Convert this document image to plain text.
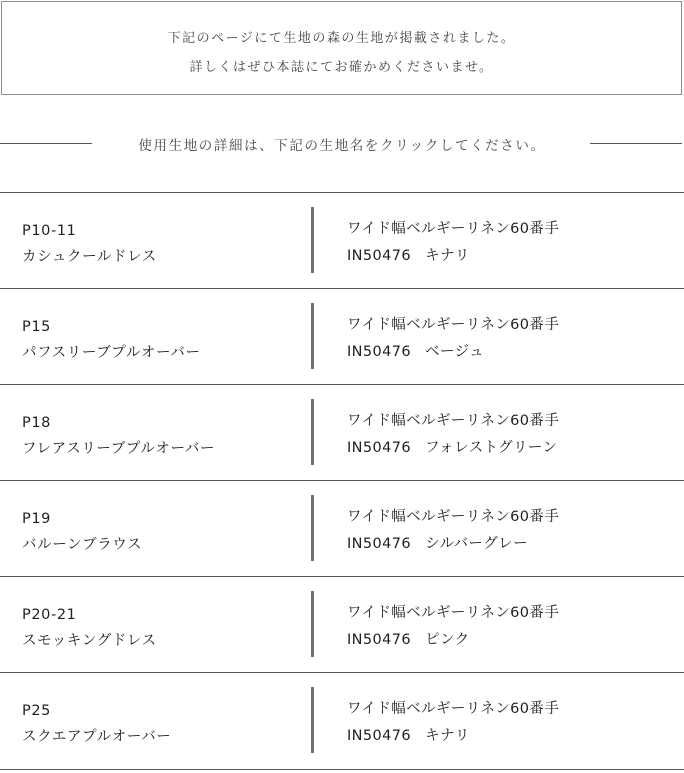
下記のページにて生地の森の生地が掲載されました。
詳しくはぜひ本誌にてお確かめくださいませ。
使用生地の詳細は、下記の生地名をクリックしてください。
P10-11
カシュクールドレス
ワイド幅ベルギーリネン60番手
IN50476 キナリ
P15
パフスリーブプルオーバー
ワイド幅ベルギーリネン60番手
IN50476 ベージュ
P18
フレアスリーブプルオーバー
ワイド幅ベルギーリネン60番手
IN50476 フォレストグリーン
P19
バルーンブラウス
ワイド幅ベルギーリネン60番手
IN50476 シルバーグレー
P20-21
スモッキングドレス
ワイド幅ベルギーリネン60番手
IN50476 ピンク
P25
スクエアプルオーバー
ワイド幅ベルギーリネン60番手
IN50476 キナリ
